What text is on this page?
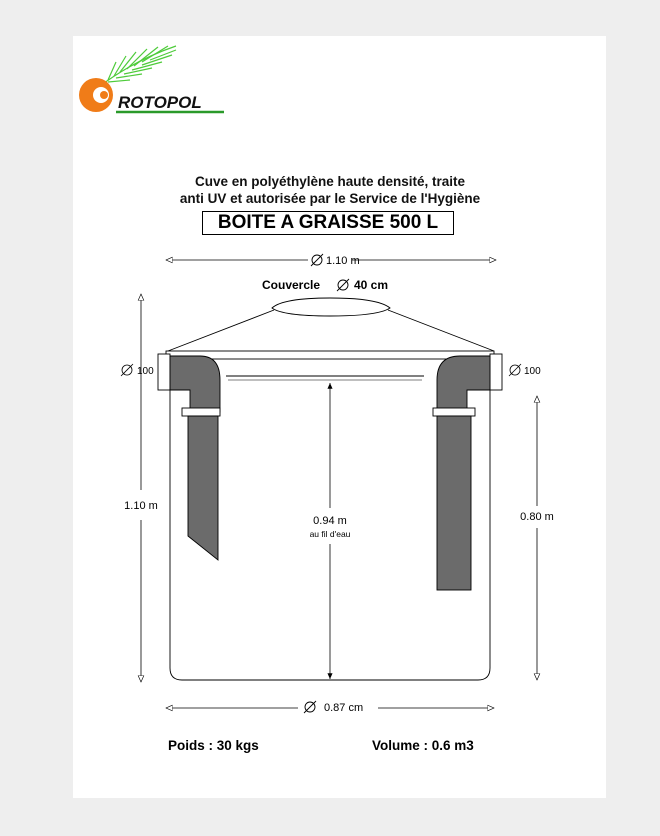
Cuve en polyéthylène haute densité, traite
anti UV et autorisée par le Service de l'Hygiène
BOITE A GRAISSE 500 L
ROTOPOL
1.10 m
Couvercle	40 cm
100	100
1.10 m
0.94 m
au fil d'eau
0.80 m
0.87 cm
Poids : 30 kgs	Volume : 0.6 m3
